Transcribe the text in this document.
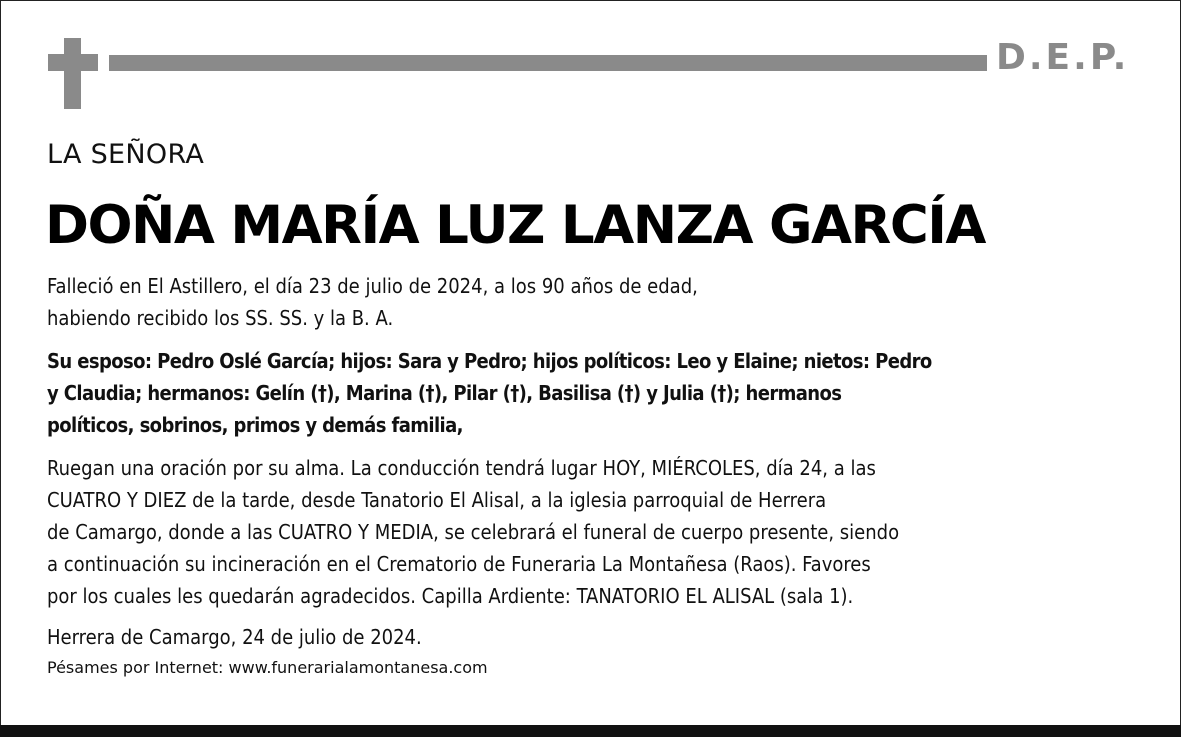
D.E.P.
LA SEÑORA
DOÑA MARÍA LUZ LANZA GARCÍA
Falleció en El Astillero, el día 23 de julio de 2024, a los 90 años de edad,
habiendo recibido los SS. SS. y la B. A.
Su esposo: Pedro Oslé García; hijos: Sara y Pedro; hijos políticos: Leo y Elaine; nietos: Pedro
y Claudia; hermanos: Gelín (†), Marina (†), Pilar (†), Basilisa (†) y Julia (†); hermanos
políticos, sobrinos, primos y demás familia,
Ruegan una oración por su alma. La conducción tendrá lugar HOY, MIÉRCOLES, día 24, a las
CUATRO Y DIEZ de la tarde, desde Tanatorio El Alisal, a la iglesia parroquial de Herrera
de Camargo, donde a las CUATRO Y MEDIA, se celebrará el funeral de cuerpo presente, siendo
a continuación su incineración en el Crematorio de Funeraria La Montañesa (Raos). Favores
por los cuales les quedarán agradecidos. Capilla Ardiente: TANATORIO EL ALISAL (sala 1).
Herrera de Camargo, 24 de julio de 2024.
Pésames por Internet: www.funerarialamontanesa.com
